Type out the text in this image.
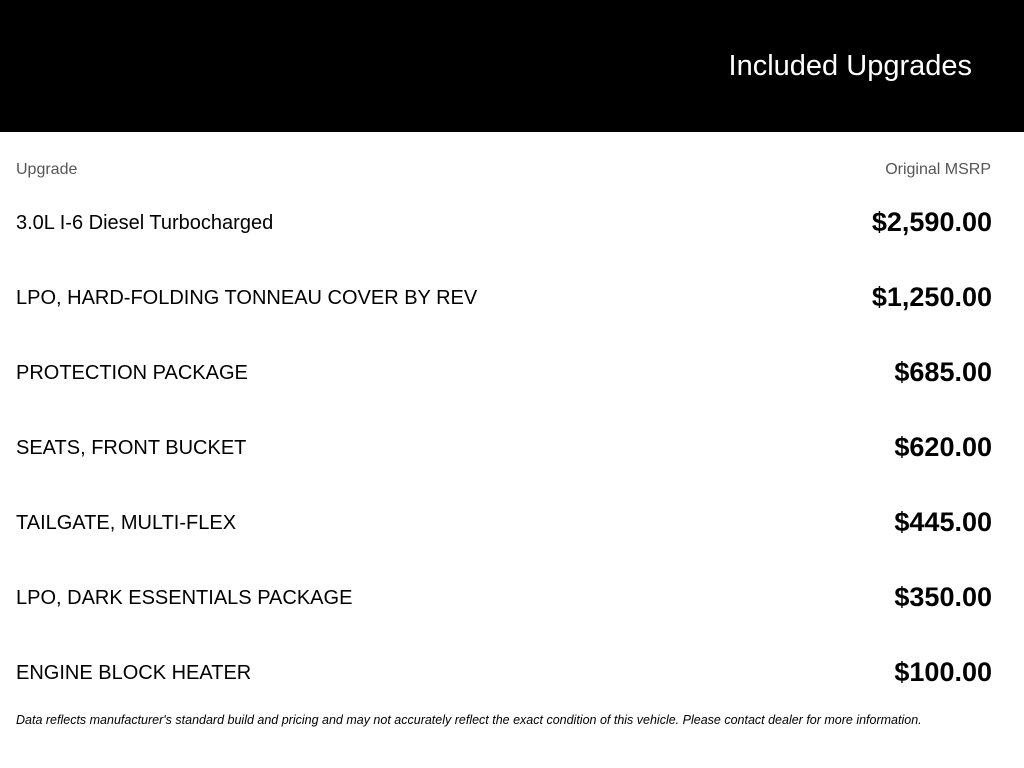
Included Upgrades
Upgrade	Original MSRP
3.0L I-6 Diesel Turbocharged	$2,590.00
LPO, HARD-FOLDING TONNEAU COVER BY REV	$1,250.00
PROTECTION PACKAGE	$685.00
SEATS, FRONT BUCKET	$620.00
TAILGATE, MULTI-FLEX	$445.00
LPO, DARK ESSENTIALS PACKAGE	$350.00
ENGINE BLOCK HEATER	$100.00
Data reflects manufacturer's standard build and pricing and may not accurately reflect the exact condition of this vehicle. Please contact dealer for more information.
